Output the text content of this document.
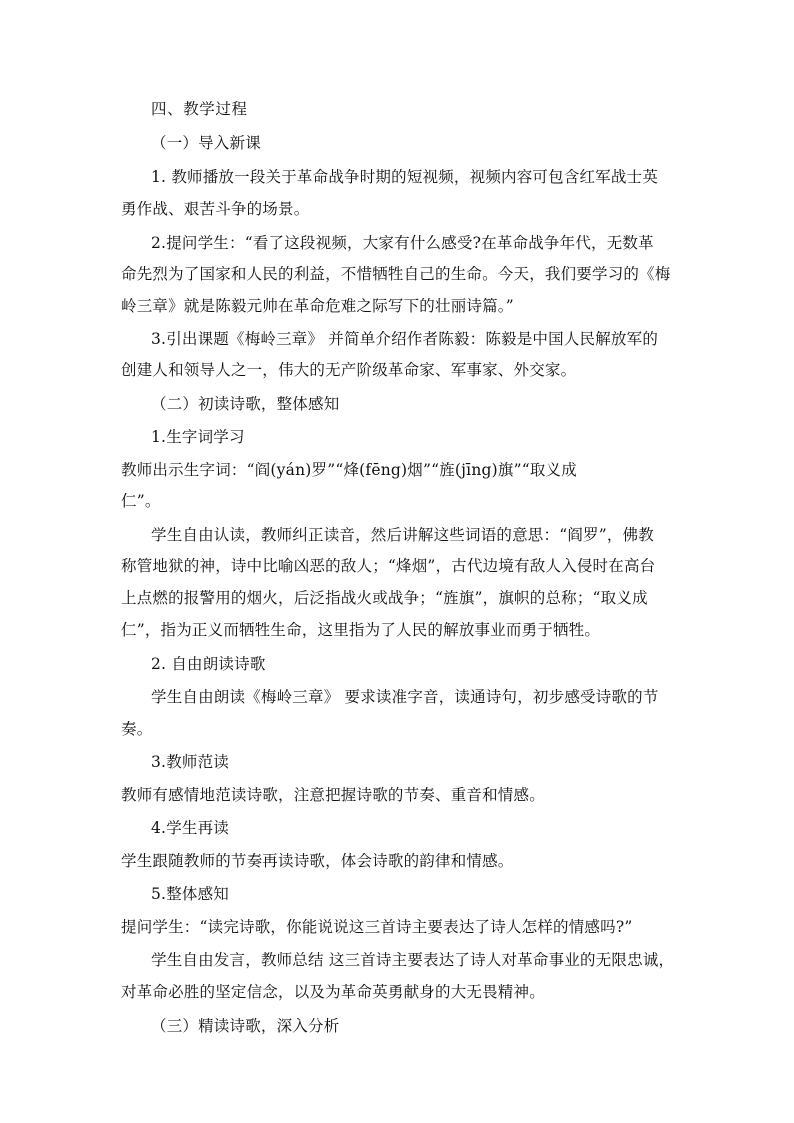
四、教学过程
（一）导入新课
1. 教师播放一段关于革命战争时期的短视频，视频内容可包含红军战士英
勇作战、艰苦斗争的场景。
2.提问学生：“看了这段视频，大家有什么感受?在革命战争年代，无数革
命先烈为了国家和人民的利益，不惜牺牲自己的生命。今天，我们要学习的《梅
岭三章》就是陈毅元帅在革命危难之际写下的壮丽诗篇。”
3.引出课题《梅岭三章》 并简单介绍作者陈毅：陈毅是中国人民解放军的
创建人和领导人之一，伟大的无产阶级革命家、军事家、外交家。
（二）初读诗歌，整体感知
1.生字词学习
教师出示生字词：“阎(yán)罗”“烽(fēng)烟”“旌(jīng)旗”“取义成
仁”。
学生自由认读，教师纠正读音，然后讲解这些词语的意思：“阎罗”，佛教
称管地狱的神，诗中比喻凶恶的敌人；“烽烟”，古代边境有敌人入侵时在高台
上点燃的报警用的烟火，后泛指战火或战争；“旌旗”，旗帜的总称；“取义成
仁”，指为正义而牺牲生命，这里指为了人民的解放事业而勇于牺牲。
2. 自由朗读诗歌
学生自由朗读《梅岭三章》 要求读准字音，读通诗句，初步感受诗歌的节
奏。
3.教师范读
教师有感情地范读诗歌，注意把握诗歌的节奏、重音和情感。
4.学生再读
学生跟随教师的节奏再读诗歌，体会诗歌的韵律和情感。
5.整体感知
提问学生：“读完诗歌，你能说说这三首诗主要表达了诗人怎样的情感吗?”
学生自由发言，教师总结 这三首诗主要表达了诗人对革命事业的无限忠诚，
对革命必胜的坚定信念，以及为革命英勇献身的大无畏精神。
（三）精读诗歌，深入分析
